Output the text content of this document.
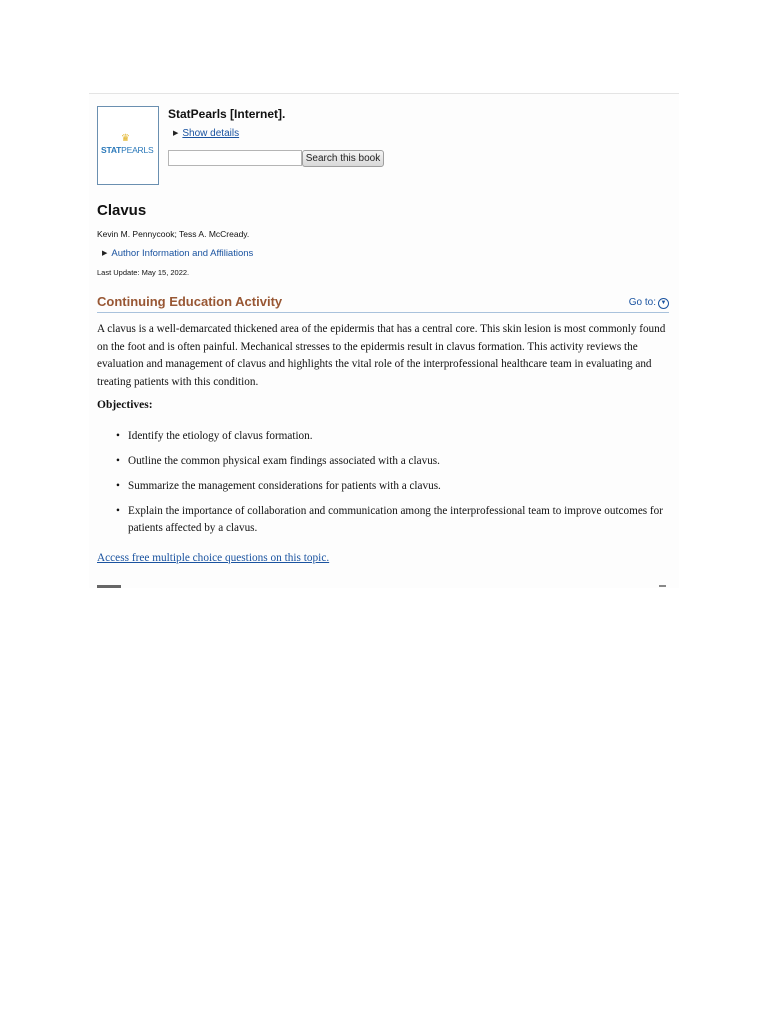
♛
STATPEARLS
StatPearls [Internet].
▶ Show details
Search this book
Clavus
Kevin M. Pennycook; Tess A. McCready.
▶ Author Information and Affiliations
Last Update: May 15, 2022.
Continuing Education Activity	Go to: ▼

A clavus is a well-demarcated thickened area of the epidermis that has a central core. This skin lesion is most commonly found on the foot and is often painful. Mechanical stresses to the epidermis result in clavus formation. This activity reviews the evaluation and management of clavus and highlights the vital role of the interprofessional healthcare team in evaluating and treating patients with this condition.

Objectives:
• Identify the etiology of clavus formation.
• Outline the common physical exam findings associated with a clavus.
• Summarize the management considerations for patients with a clavus.
• Explain the importance of collaboration and communication among the interprofessional team to improve outcomes for patients affected by a clavus.
Access free multiple choice questions on this topic.
